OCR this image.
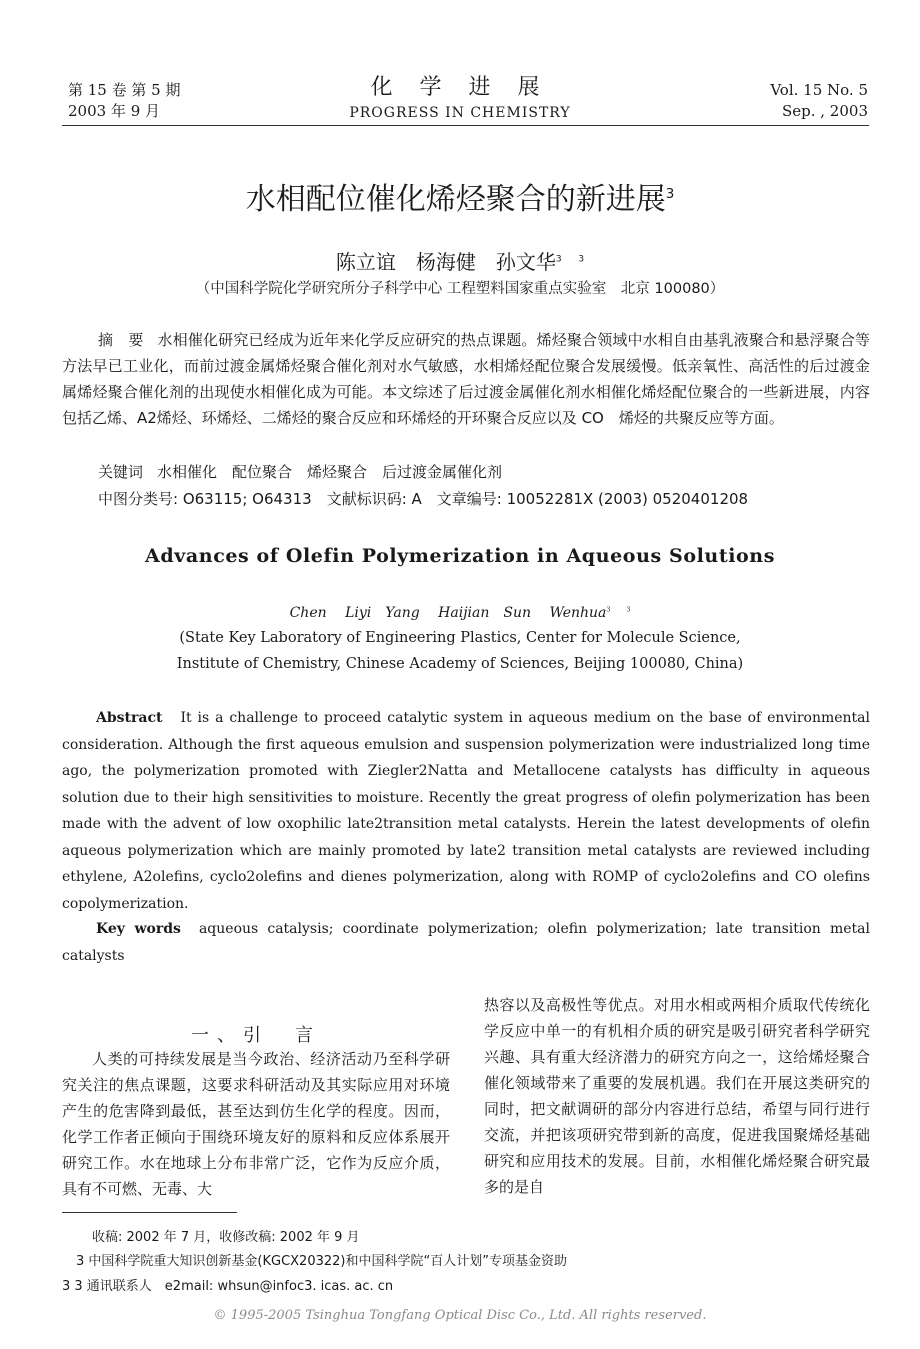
第 15 卷 第 5 期
2003 年 9 月
化 学 进 展
PROGRESS IN CHEMISTRY
Vol. 15 No. 5
Sep. , 2003
水相配位催化烯烃聚合的新进展$^3$
陈立谊　杨海健　孙文华$^{3 3}$
（中国科学院化学研究所分子科学中心 工程塑料国家重点实验室　北京 100080）
摘　要 水相催化研究已经成为近年来化学反应研究的热点课题。烯烃聚合领域中水相自由基乳液聚合和悬浮聚合等方法早已工业化，而前过渡金属烯烃聚合催化剂对水气敏感，水相烯烃配位聚合发展缓慢。低亲氧性、高活性的后过渡金属烯烃聚合催化剂的出现使水相催化成为可能。本文综述了后过渡金属催化剂水相催化烯烃配位聚合的一些新进展，内容包括乙烯、A2烯烃、环烯烃、二烯烃的聚合反应和环烯烃的开环聚合反应以及 CO　烯烃的共聚反应等方面。
关键词 水相催化　配位聚合　烯烃聚合　后过渡金属催化剂
中图分类号: O63115; O64313　文献标识码: A　文章编号: 10052281X (2003) 0520401208
Advances of Olefin Polymerization in Aqueous Solutions
Chen Liyi　Yang Haijian　Sun Wenhua$^{3 3}$
(State Key Laboratory of Engineering Plastics, Center for Molecule Science,
Institute of Chemistry, Chinese Academy of Sciences, Beijing 100080, China)
Abstract It is a challenge to proceed catalytic system in aqueous medium on the base of environmental consideration. Although the first aqueous emulsion and suspension polymerization were industrialized long time ago, the polymerization promoted with Ziegler2Natta and Metallocene catalysts has difficulty in aqueous solution due to their high sensitivities to moisture. Recently the great progress of olefin polymerization has been made with the advent of low oxophilic late2transition metal catalysts. Herein the latest developments of olefin aqueous polymerization which are mainly promoted by late2 transition metal catalysts are reviewed including ethylene, A2olefins, cyclo2olefins and dienes polymerization, along with ROMP of cyclo2olefins and CO olefins copolymerization.
Key words aqueous catalysis; coordinate polymerization; olefin polymerization; late transition metal catalysts
一、引　言
人类的可持续发展是当今政治、经济活动乃至科学研究关注的焦点课题，这要求科研活动及其实际应用对环境产生的危害降到最低，甚至达到仿生化学的程度。因而，化学工作者正倾向于围绕环境友好的原料和反应体系展开研究工作。水在地球上分布非常广泛，它作为反应介质，具有不可燃、无毒、大
热容以及高极性等优点。对用水相或两相介质取代传统化学反应中单一的有机相介质的研究是吸引研究者科学研究兴趣、具有重大经济潜力的研究方向之一，这给烯烃聚合催化领域带来了重要的发展机遇。我们在开展这类研究的同时，把文献调研的部分内容进行总结，希望与同行进行交流，并把该项研究带到新的高度，促进我国聚烯烃基础研究和应用技术的发展。目前，水相催化烯烃聚合研究最多的是自
收稿: 2002 年 7 月，收修改稿: 2002 年 9 月
3 中国科学院重大知识创新基金(KGCX20322)和中国科学院“百人计划”专项基金资助
3 3 通讯联系人　e2mail: whsun@infoc3. icas. ac. cn
© 1995-2005 Tsinghua Tongfang Optical Disc Co., Ltd. All rights reserved.
